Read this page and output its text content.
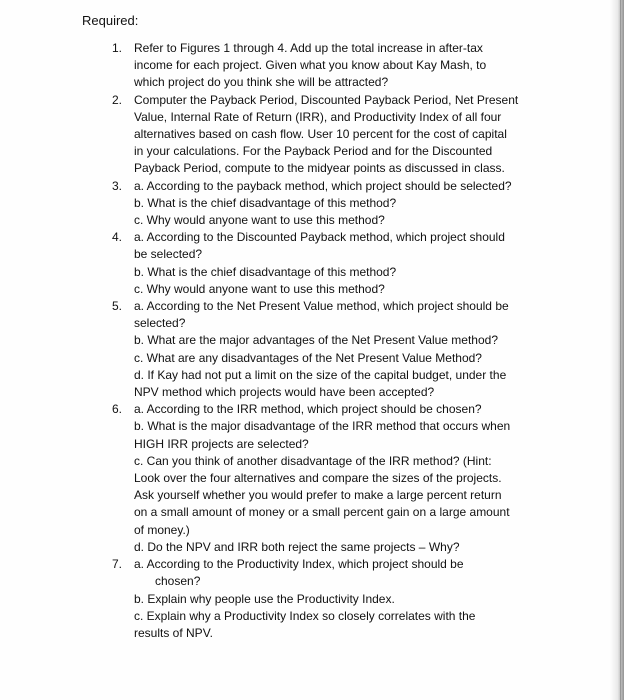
Required:
1. Refer to Figures 1 through 4. Add up the total increase in after-tax
income for each project. Given what you know about Kay Mash, to
which project do you think she will be attracted?
2. Computer the Payback Period, Discounted Payback Period, Net Present
Value, Internal Rate of Return (IRR), and Productivity Index of all four
alternatives based on cash flow. User 10 percent for the cost of capital
in your calculations. For the Payback Period and for the Discounted
Payback Period, compute to the midyear points as discussed in class.
3. a. According to the payback method, which project should be selected?
b. What is the chief disadvantage of this method?
c. Why would anyone want to use this method?
4. a. According to the Discounted Payback method, which project should
be selected?
b. What is the chief disadvantage of this method?
c. Why would anyone want to use this method?
5. a. According to the Net Present Value method, which project should be
selected?
b. What are the major advantages of the Net Present Value method?
c. What are any disadvantages of the Net Present Value Method?
d. If Kay had not put a limit on the size of the capital budget, under the
NPV method which projects would have been accepted?
6. a. According to the IRR method, which project should be chosen?
b. What is the major disadvantage of the IRR method that occurs when
HIGH IRR projects are selected?
c. Can you think of another disadvantage of the IRR method? (Hint:
Look over the four alternatives and compare the sizes of the projects.
Ask yourself whether you would prefer to make a large percent return
on a small amount of money or a small percent gain on a large amount
of money.)
d. Do the NPV and IRR both reject the same projects – Why?
7. a. According to the Productivity Index, which project should be
chosen?
b. Explain why people use the Productivity Index.
c. Explain why a Productivity Index so closely correlates with the
results of NPV.
